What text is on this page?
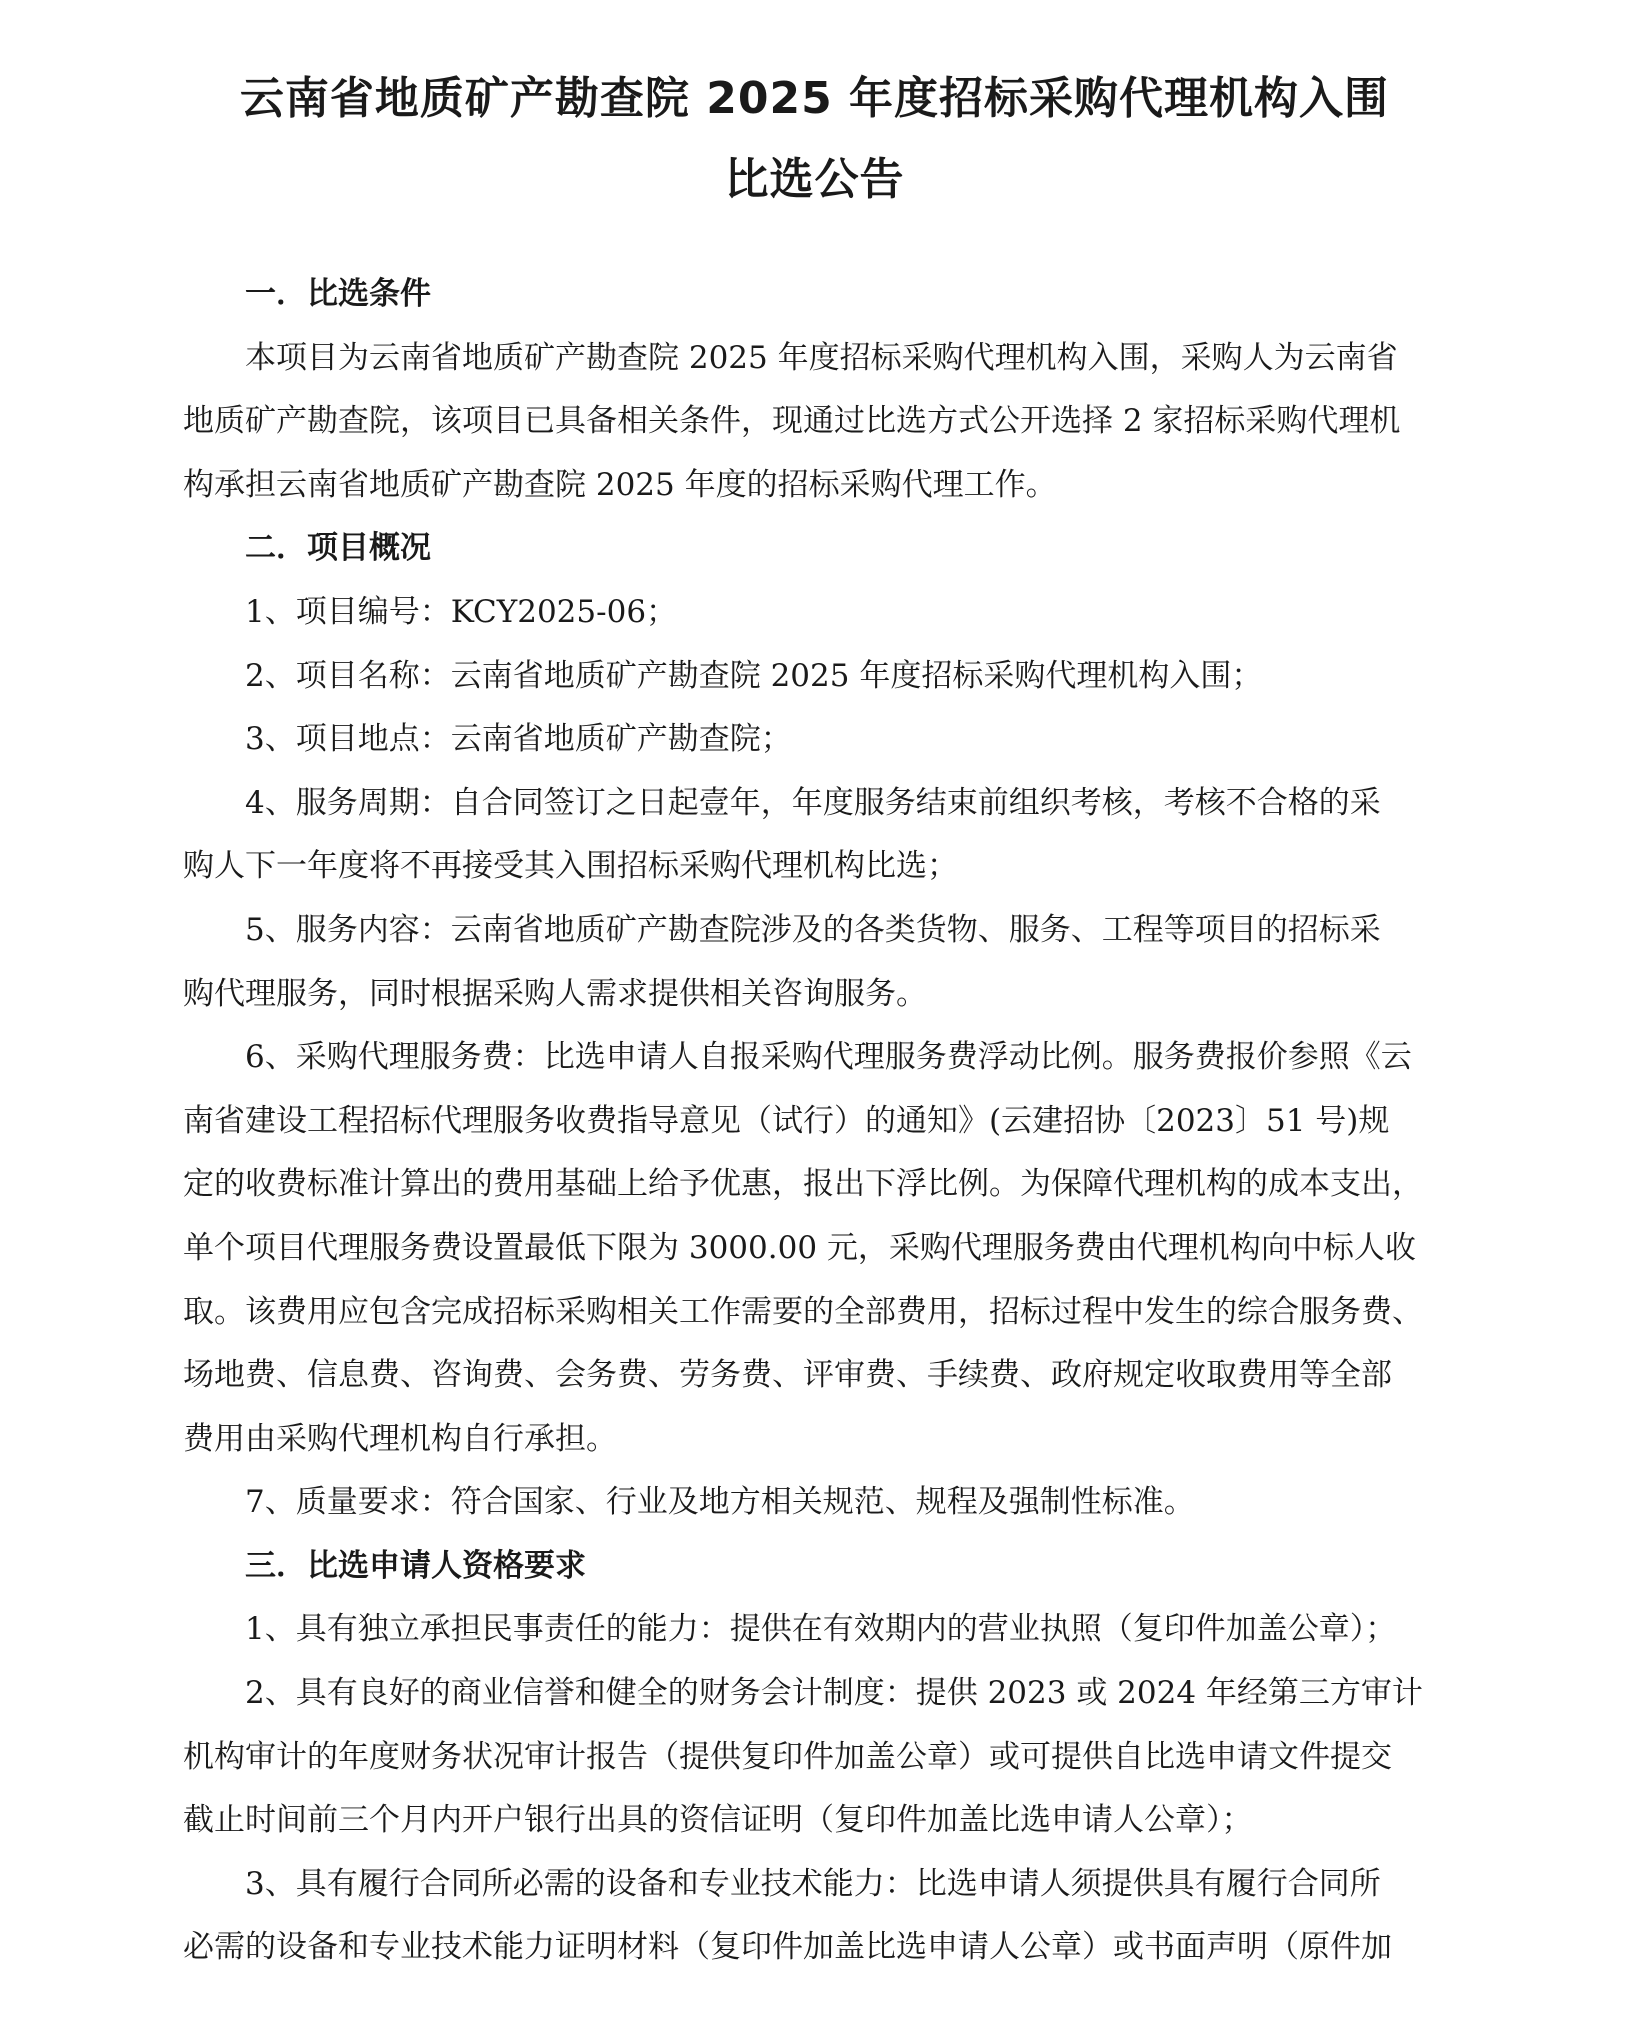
云南省地质矿产勘查院 2025 年度招标采购代理机构入围
比选公告
一．比选条件
本项目为云南省地质矿产勘查院 2025 年度招标采购代理机构入围，采购人为云南省
地质矿产勘查院，该项目已具备相关条件，现通过比选方式公开选择 2 家招标采购代理机
构承担云南省地质矿产勘查院 2025 年度的招标采购代理工作。
二．项目概况
1、项目编号：KCY2025-06；
2、项目名称：云南省地质矿产勘查院 2025 年度招标采购代理机构入围；
3、项目地点：云南省地质矿产勘查院；
4、服务周期：自合同签订之日起壹年，年度服务结束前组织考核，考核不合格的采
购人下一年度将不再接受其入围招标采购代理机构比选；
5、服务内容：云南省地质矿产勘查院涉及的各类货物、服务、工程等项目的招标采
购代理服务，同时根据采购人需求提供相关咨询服务。
6、采购代理服务费：比选申请人自报采购代理服务费浮动比例。服务费报价参照《云
南省建设工程招标代理服务收费指导意见（试行）的通知》(云建招协〔2023〕51 号)规
定的收费标准计算出的费用基础上给予优惠，报出下浮比例。为保障代理机构的成本支出，
单个项目代理服务费设置最低下限为 3000.00 元，采购代理服务费由代理机构向中标人收
取。该费用应包含完成招标采购相关工作需要的全部费用，招标过程中发生的综合服务费、
场地费、信息费、咨询费、会务费、劳务费、评审费、手续费、政府规定收取费用等全部
费用由采购代理机构自行承担。
7、质量要求：符合国家、行业及地方相关规范、规程及强制性标准。
三．比选申请人资格要求
1、具有独立承担民事责任的能力：提供在有效期内的营业执照（复印件加盖公章）；
2、具有良好的商业信誉和健全的财务会计制度：提供 2023 或 2024 年经第三方审计
机构审计的年度财务状况审计报告（提供复印件加盖公章）或可提供自比选申请文件提交
截止时间前三个月内开户银行出具的资信证明（复印件加盖比选申请人公章）；
3、具有履行合同所必需的设备和专业技术能力：比选申请人须提供具有履行合同所
必需的设备和专业技术能力证明材料（复印件加盖比选申请人公章）或书面声明（原件加
